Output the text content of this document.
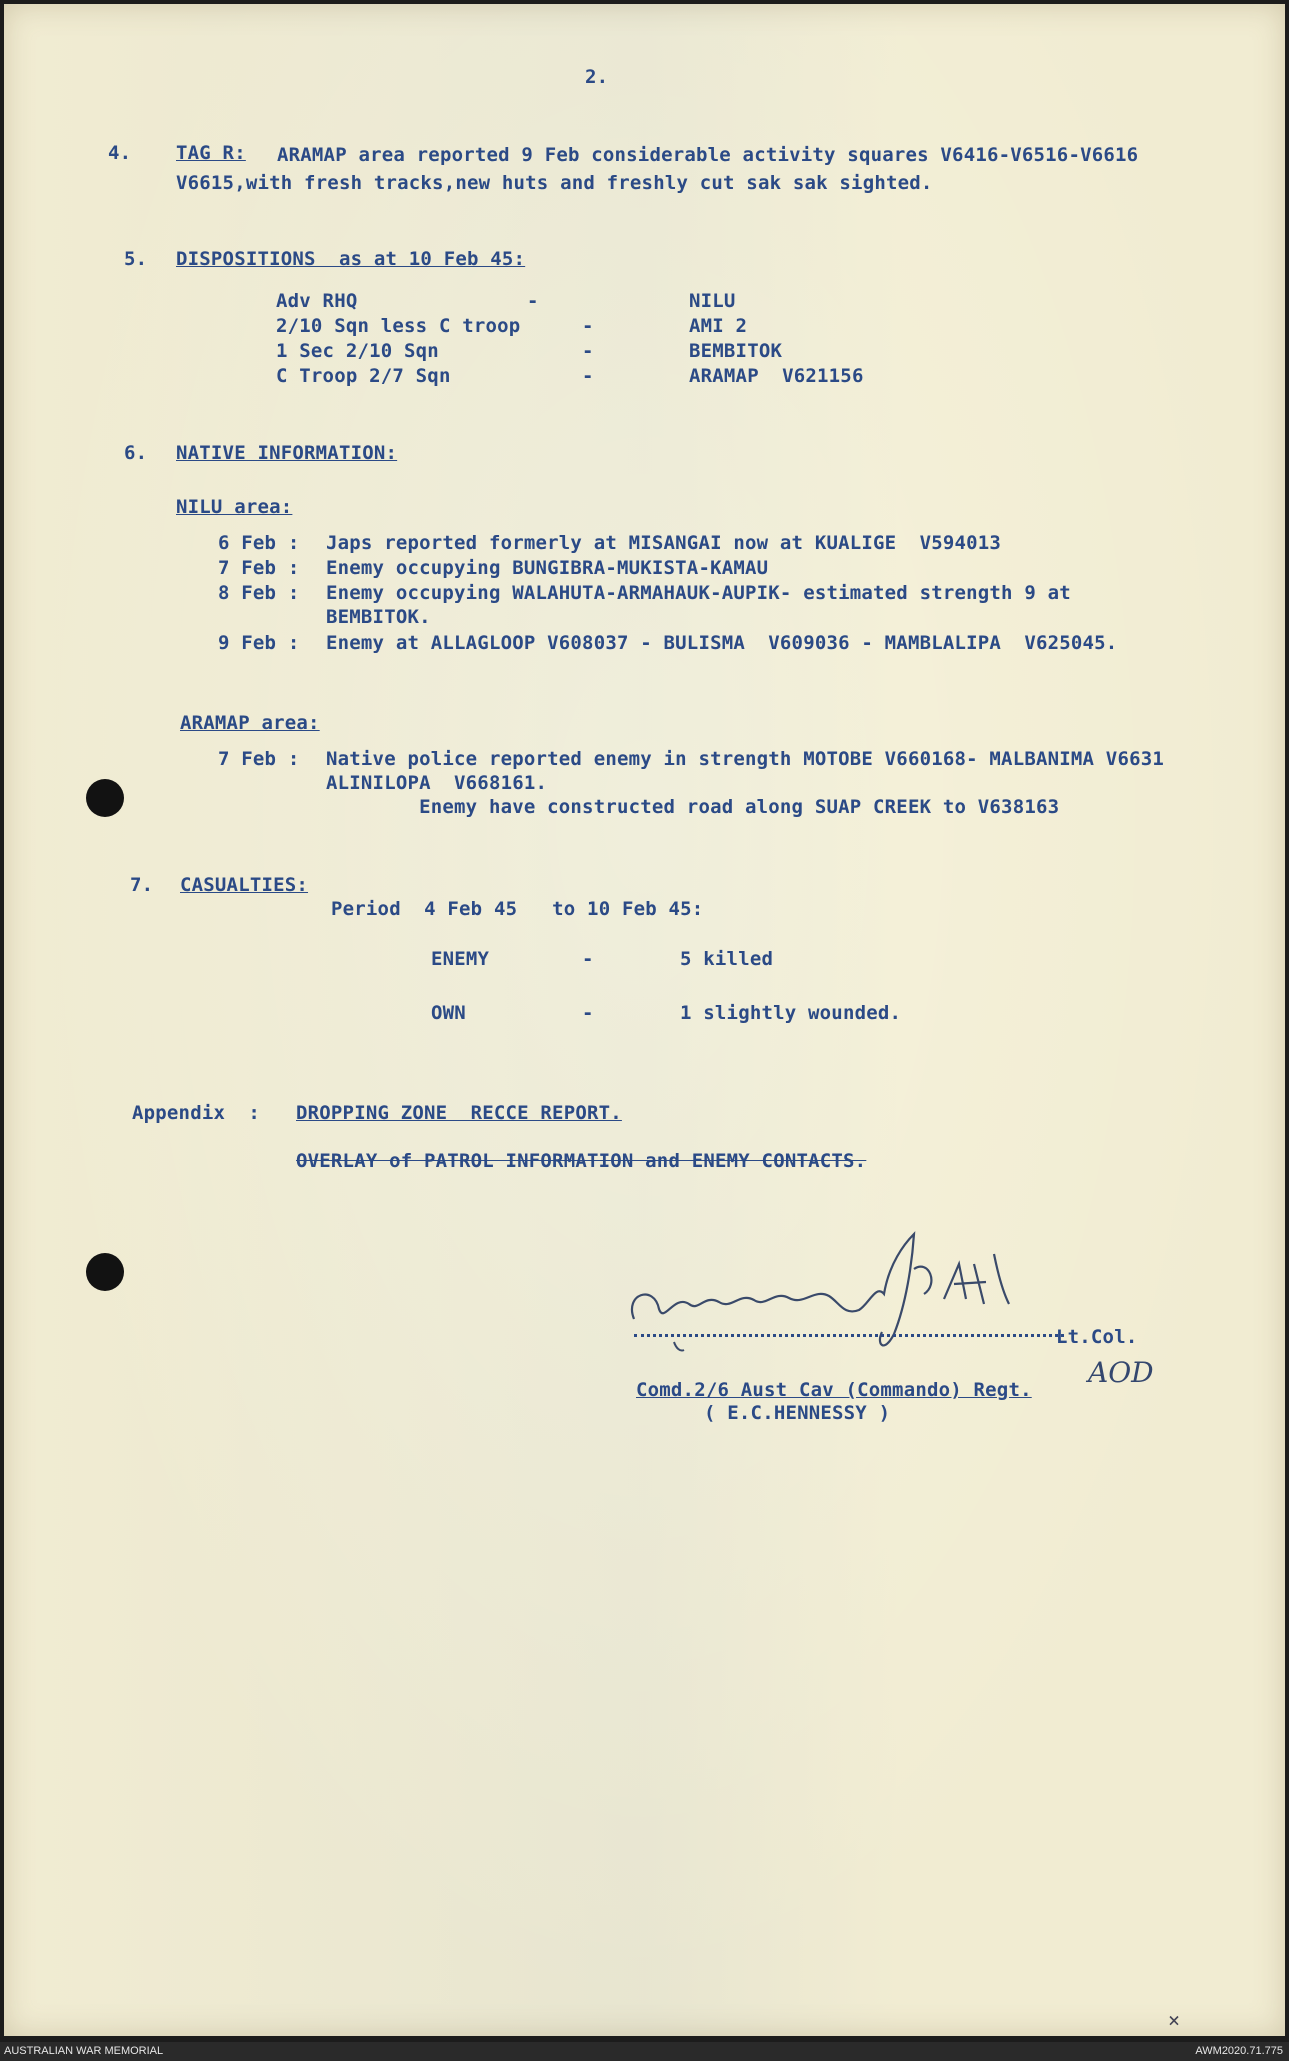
2.
4. TAG R: ARAMAP area reported 9 Feb considerable activity squares V6416-V6516-V6616
V6615,with fresh tracks,new huts and freshly cut sak sak sighted.
5. DISPOSITIONS  as at 10 Feb 45:
Adv RHQ	-	NILU
2/10 Sqn less C troop	-	AMI 2
1 Sec 2/10 Sqn	-	BEMBITOK
C Troop 2/7 Sqn	-	ARAMAP  V621156
6. NATIVE INFORMATION:
NILU area:
6 Feb : Japs reported formerly at MISANGAI now at KUALIGE  V594013
7 Feb : Enemy occupying BUNGIBRA-MUKISTA-KAMAU
8 Feb : Enemy occupying WALAHUTA-ARMAHAUK-AUPIK- estimated strength 9 at
BEMBITOK.
9 Feb : Enemy at ALLAGLOOP V608037 - BULISMA  V609036 - MAMBLALIPA  V625045.
ARAMAP area:
7 Feb : Native police reported enemy in strength MOTOBE V660168- MALBANIMA V6631
ALINILOPA  V668161.
Enemy have constructed road along SUAP CREEK to V638163
7. CASUALTIES:
Period  4 Feb 45   to 10 Feb 45:
ENEMY	-	5 killed
OWN	-	1 slightly wounded.
Appendix  : DROPPING ZONE  RECCE REPORT.
OVERLAY of PATROL INFORMATION and ENEMY CONTACTS.
Lt.Col.
AOD
Comd.2/6 Aust Cav (Commando) Regt.
( E.C.HENNESSY )
×
AUSTRALIAN WAR MEMORIAL	AWM2020.71.775
